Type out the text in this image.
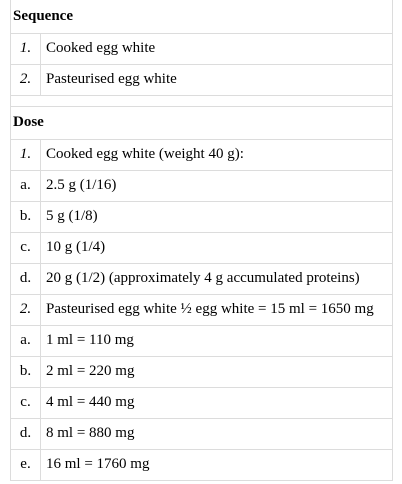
Sequence	
1.	Cooked egg white
2.	Pasteurised egg white

Dose	
1.	Cooked egg white (weight 40 g):
a.	2.5 g (1/16)
b.	5 g (1/8)
c.	10 g (1/4)
d.	20 g (1/2) (approximately 4 g accumulated proteins)
2.	Pasteurised egg white ½ egg white = 15 ml = 1650 mg
a.	1 ml = 110 mg
b.	2 ml = 220 mg
c.	4 ml = 440 mg
d.	8 ml = 880 mg
e.	16 ml = 1760 mg
